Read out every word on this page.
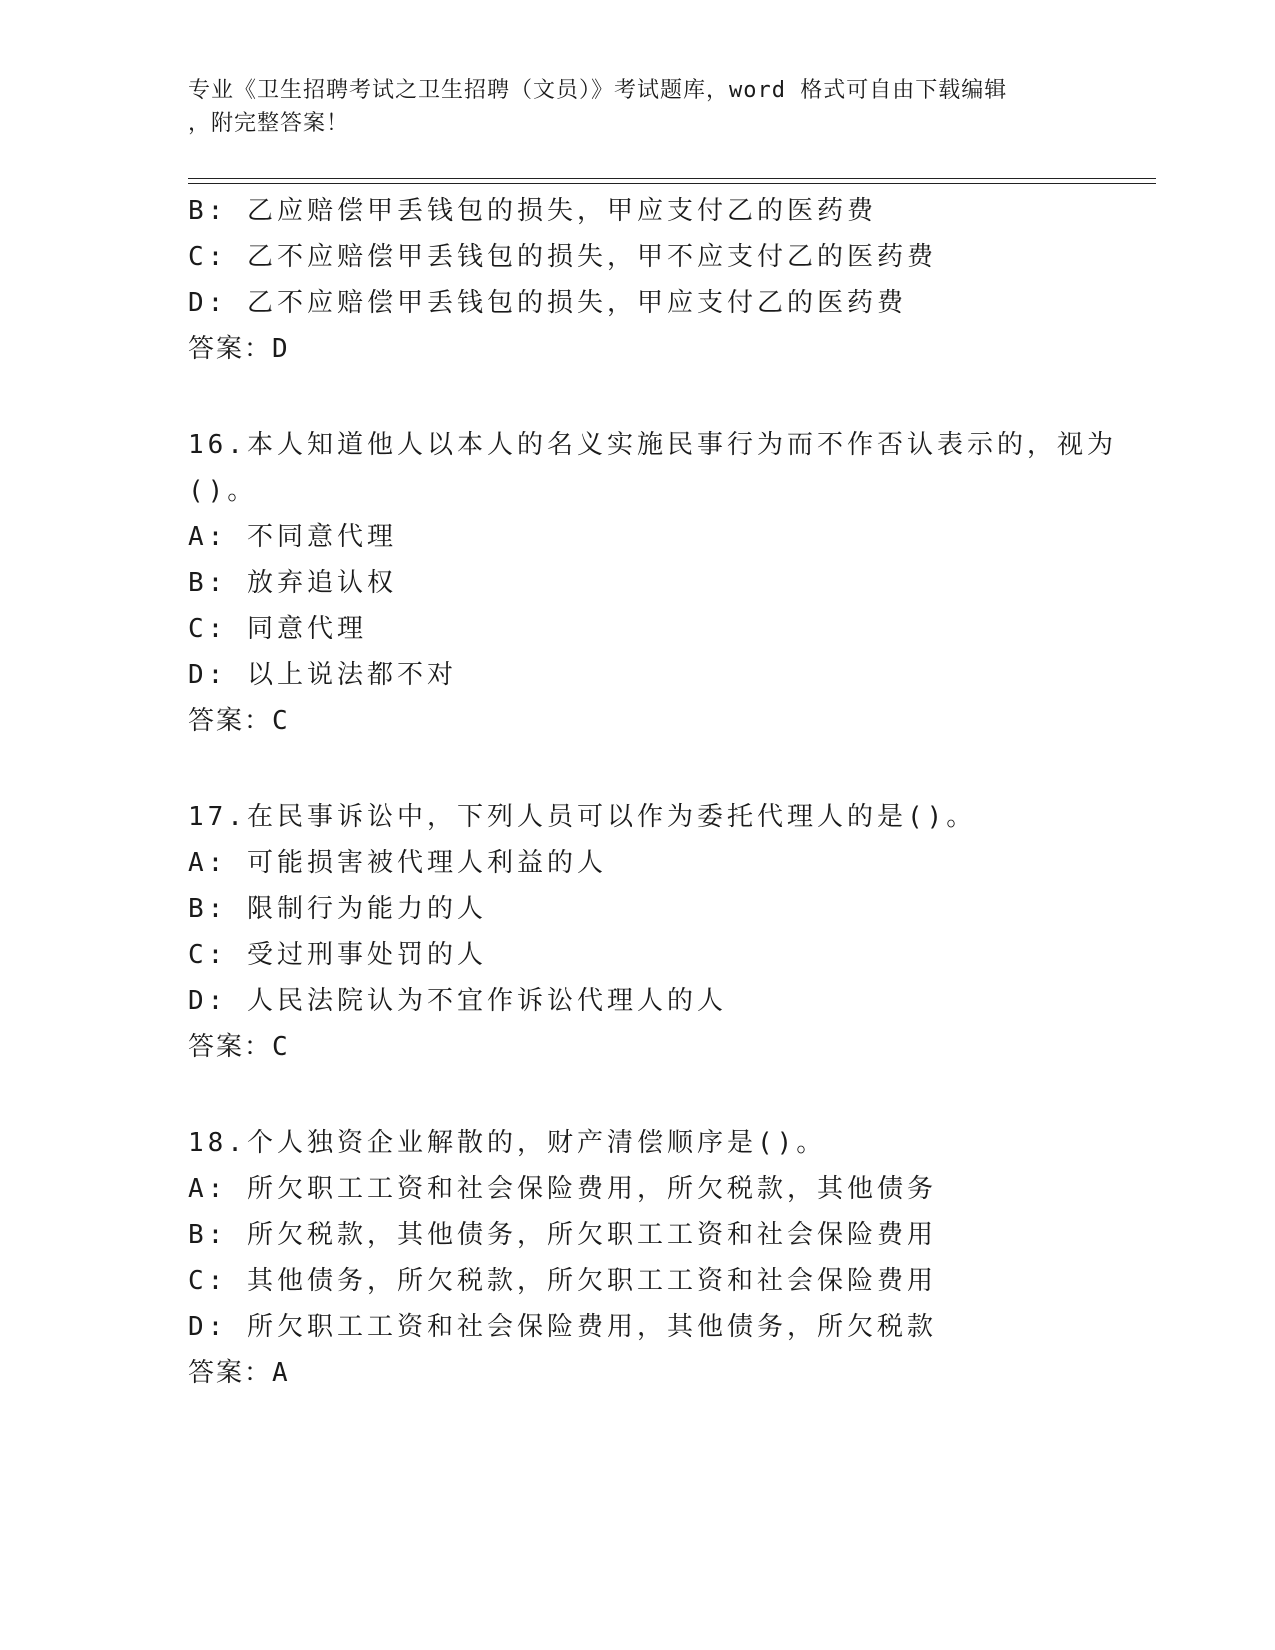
专业《卫生招聘考试之卫生招聘（文员）》考试题库，word 格式可自由下载编辑
，附完整答案！
B: 乙应赔偿甲丢钱包的损失，甲应支付乙的医药费
C: 乙不应赔偿甲丢钱包的损失，甲不应支付乙的医药费
D: 乙不应赔偿甲丢钱包的损失，甲应支付乙的医药费
答案：D
16.本人知道他人以本人的名义实施民事行为而不作否认表示的，视为
()。
A: 不同意代理
B: 放弃追认权
C: 同意代理
D: 以上说法都不对
答案：C
17.在民事诉讼中，下列人员可以作为委托代理人的是()。
A: 可能损害被代理人利益的人
B: 限制行为能力的人
C: 受过刑事处罚的人
D: 人民法院认为不宜作诉讼代理人的人
答案：C
18.个人独资企业解散的，财产清偿顺序是()。
A: 所欠职工工资和社会保险费用，所欠税款，其他债务
B: 所欠税款，其他债务，所欠职工工资和社会保险费用
C: 其他债务，所欠税款，所欠职工工资和社会保险费用
D: 所欠职工工资和社会保险费用，其他债务，所欠税款
答案：A
